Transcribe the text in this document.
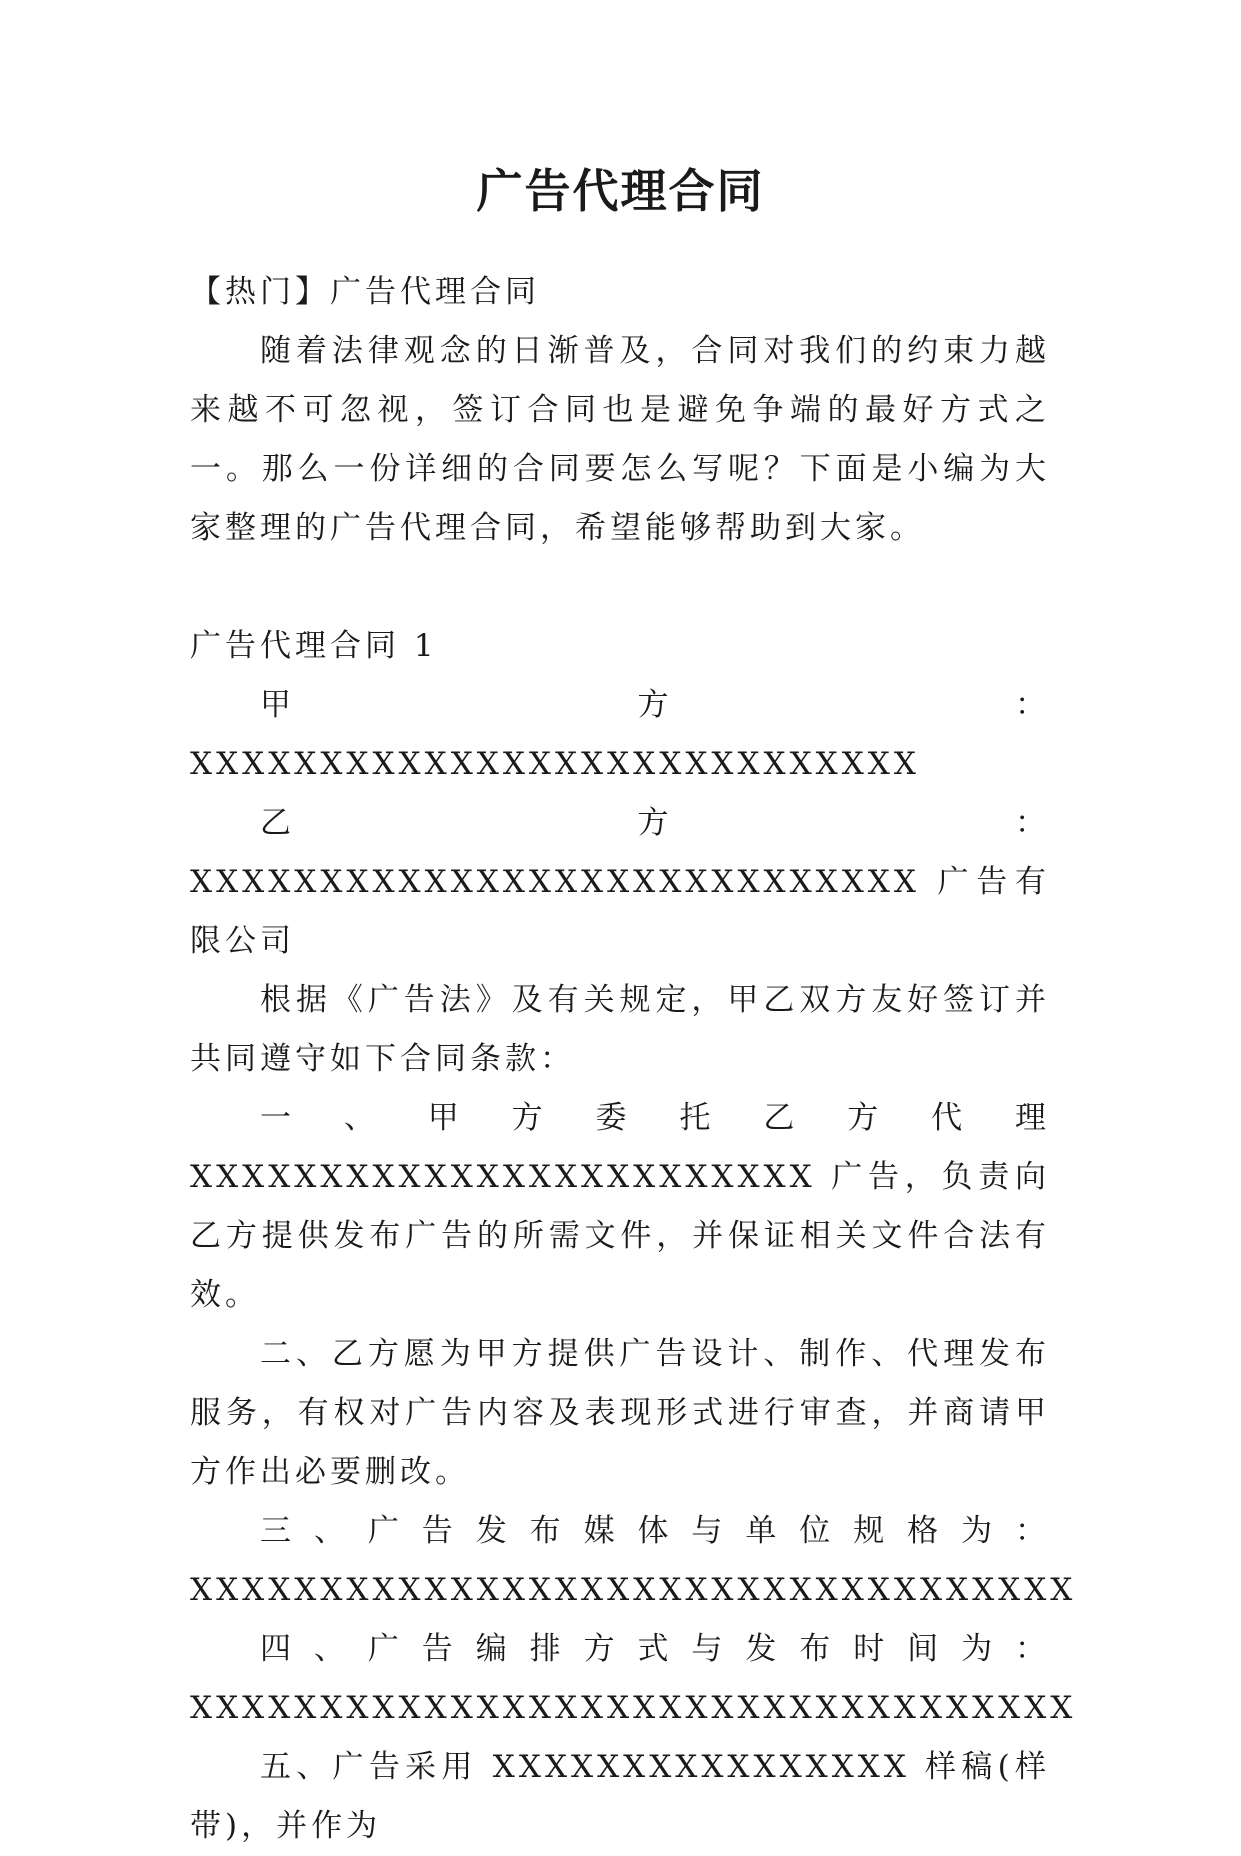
广告代理合同

【热门】广告代理合同

随着法律观念的日渐普及，合同对我们的约束力越来越不可忽视，签订合同也是避免争端的最好方式之一。那么一份详细的合同要怎么写呢？下面是小编为大家整理的广告代理合同，希望能够帮助到大家。

广告代理合同 1

甲方：XXXXXXXXXXXXXXXXXXXXXXXXXXXX

乙方：XXXXXXXXXXXXXXXXXXXXXXXXXXXX 广告有限公司

根据《广告法》及有关规定，甲乙双方友好签订并共同遵守如下合同条款：

一、甲方委托乙方代理 XXXXXXXXXXXXXXXXXXXXXXXX 广告，负责向乙方提供发布广告的所需文件，并保证相关文件合法有效。

二、乙方愿为甲方提供广告设计、制作、代理发布服务，有权对广告内容及表现形式进行审查，并商请甲方作出必要删改。

三、广告发布媒体与单位规格为：XXXXXXXXXXXXXXXXXXXXXXXXXXXXXXXXXX

四、广告编排方式与发布时间为：XXXXXXXXXXXXXXXXXXXXXXXXXXXXXXXXXX

五、广告采用 XXXXXXXXXXXXXXXX 样稿(样带)，并作为
